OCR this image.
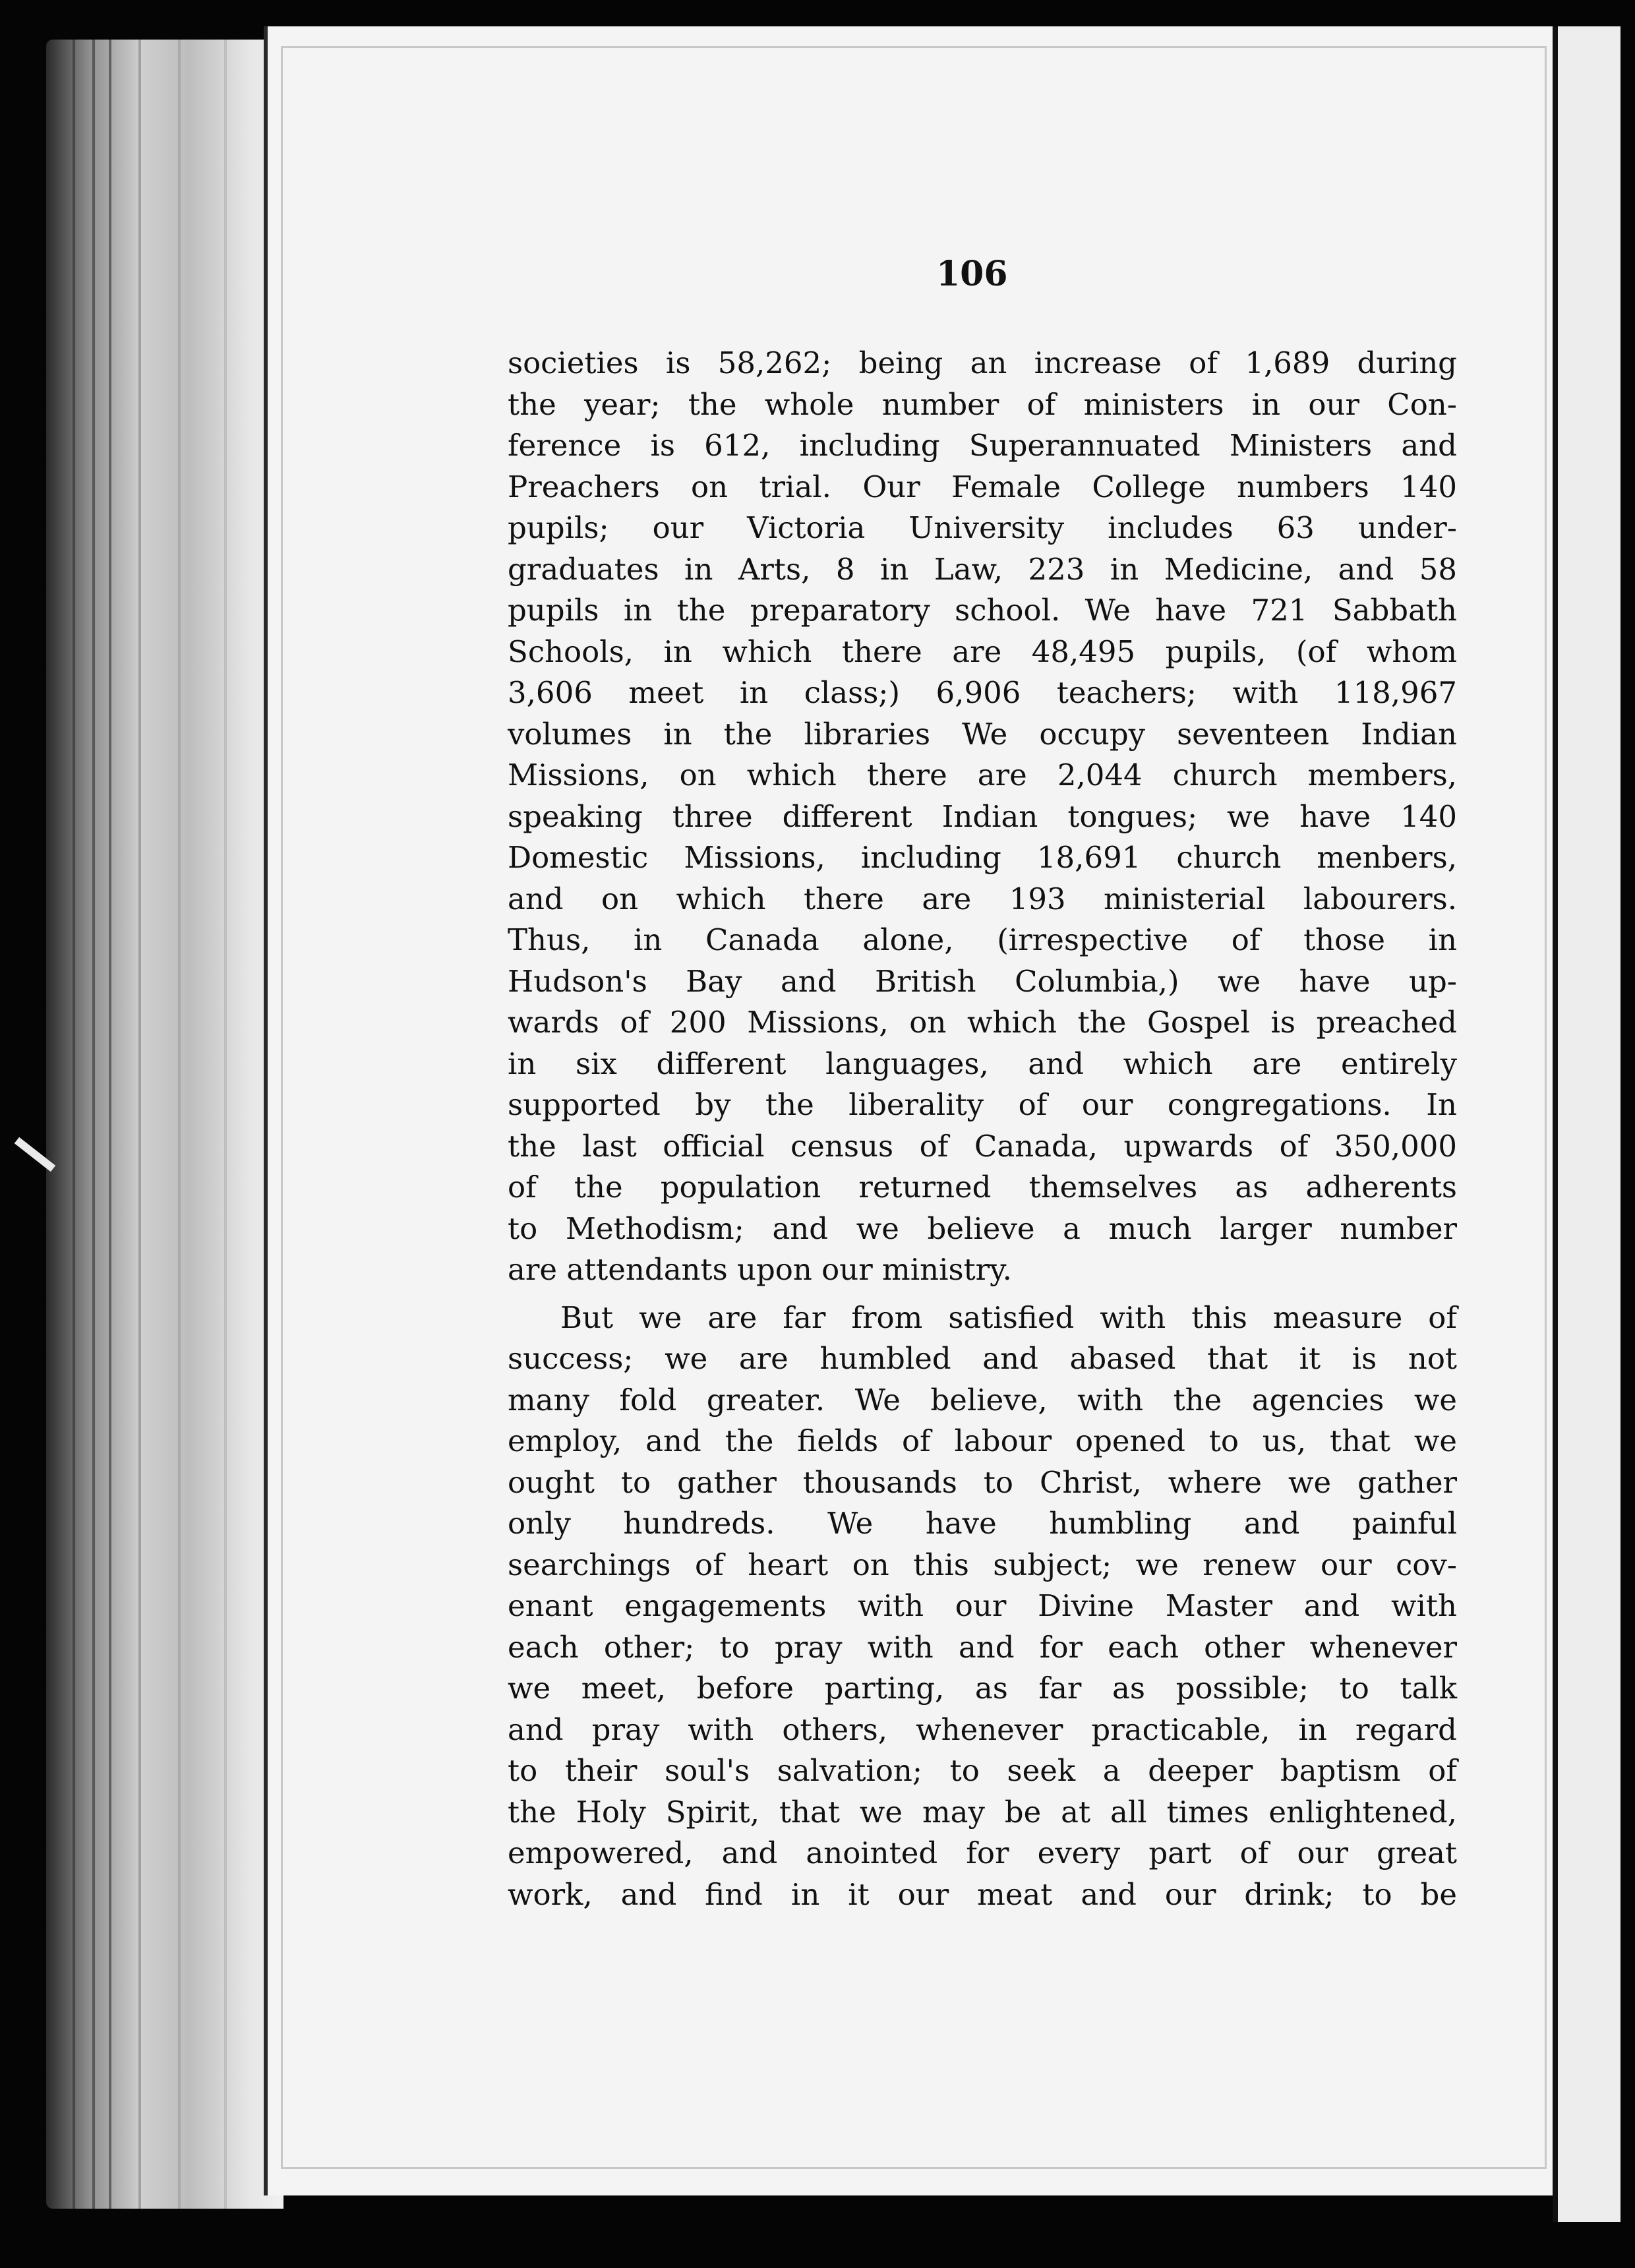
106
societies is 58,262; being an increase of 1,689 during
the year; the whole number of ministers in our Con-
ference is 612, including Superannuated Ministers and
Preachers on trial. Our Female College numbers 140
pupils; our Victoria University includes 63 under-
graduates in Arts, 8 in Law, 223 in Medicine, and 58
pupils in the preparatory school. We have 721 Sabbath
Schools, in which there are 48,495 pupils, (of whom
3,606 meet in class;) 6,906 teachers; with 118,967
volumes in the libraries We occupy seventeen Indian
Missions, on which there are 2,044 church members,
speaking three different Indian tongues; we have 140
Domestic Missions, including 18,691 church menbers,
and on which there are 193 ministerial labourers.
Thus, in Canada alone, (irrespective of those in
Hudson's Bay and British Columbia,) we have up-
wards of 200 Missions, on which the Gospel is preached
in six different languages, and which are entirely
supported by the liberality of our congregations. In
the last official census of Canada, upwards of 350,000
of the population returned themselves as adherents
to Methodism; and we believe a much larger number
are attendants upon our ministry.
But we are far from satisfied with this measure of
success; we are humbled and abased that it is not
many fold greater. We believe, with the agencies we
employ, and the fields of labour opened to us, that we
ought to gather thousands to Christ, where we gather
only hundreds. We have humbling and painful
searchings of heart on this subject; we renew our cov-
enant engagements with our Divine Master and with
each other; to pray with and for each other whenever
we meet, before parting, as far as possible; to talk
and pray with others, whenever practicable, in regard
to their soul's salvation; to seek a deeper baptism of
the Holy Spirit, that we may be at all times enlightened,
empowered, and anointed for every part of our great
work, and find in it our meat and our drink; to be
